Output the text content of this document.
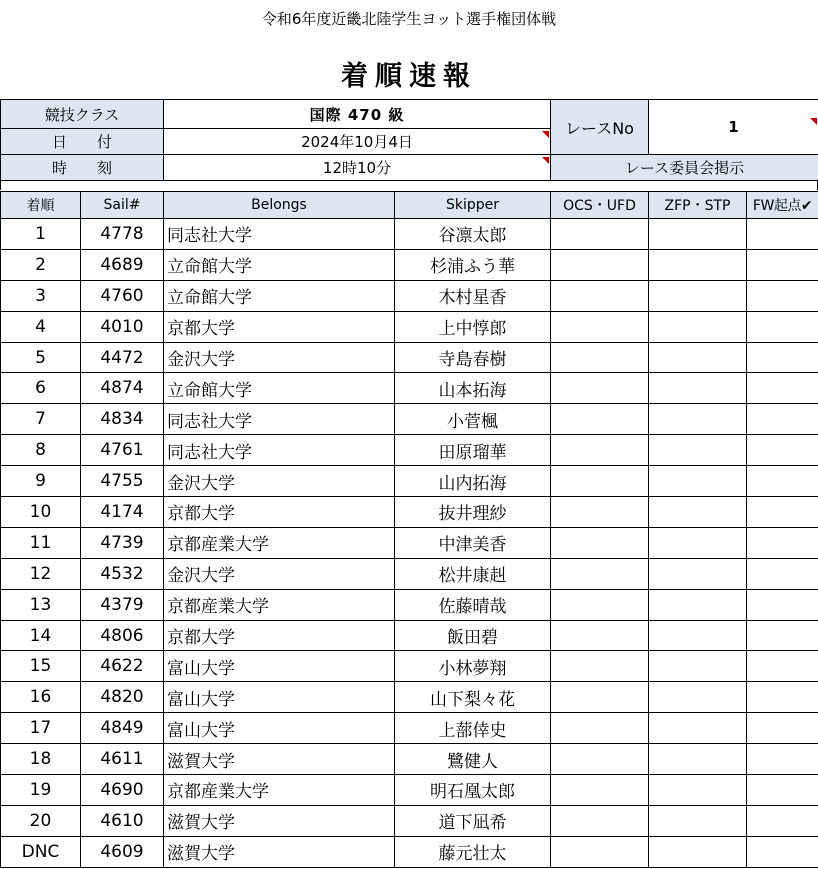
令和6年度近畿北陸学生ヨット選手権団体戦
着順速報
競技クラス	国際 470 級	レースNo	1
日　　付	2024年10月4日		
時　　刻	12時10分	レース委員会掲示	
着順	Sail#	Belongs	Skipper	OCS・UFD	ZFP・STP	FW起点✔
1	4778	同志社大学	谷凛太郎			
2	4689	立命館大学	杉浦ふう華			
3	4760	立命館大学	木村星香			
4	4010	京都大学	上中惇郎			
5	4472	金沢大学	寺島春樹			
6	4874	立命館大学	山本拓海			
7	4834	同志社大学	小菅楓			
8	4761	同志社大学	田原瑠華			
9	4755	金沢大学	山内拓海			
10	4174	京都大学	抜井理紗			
11	4739	京都産業大学	中津美香			
12	4532	金沢大学	松井康赳			
13	4379	京都産業大学	佐藤晴哉			
14	4806	京都大学	飯田碧			
15	4622	富山大学	小林夢翔			
16	4820	富山大学	山下梨々花			
17	4849	富山大学	上蔀倖史			
18	4611	滋賀大学	鷺健人			
19	4690	京都産業大学	明石凰太郎			
20	4610	滋賀大学	道下凪希			
DNC	4609	滋賀大学	藤元壮太			
